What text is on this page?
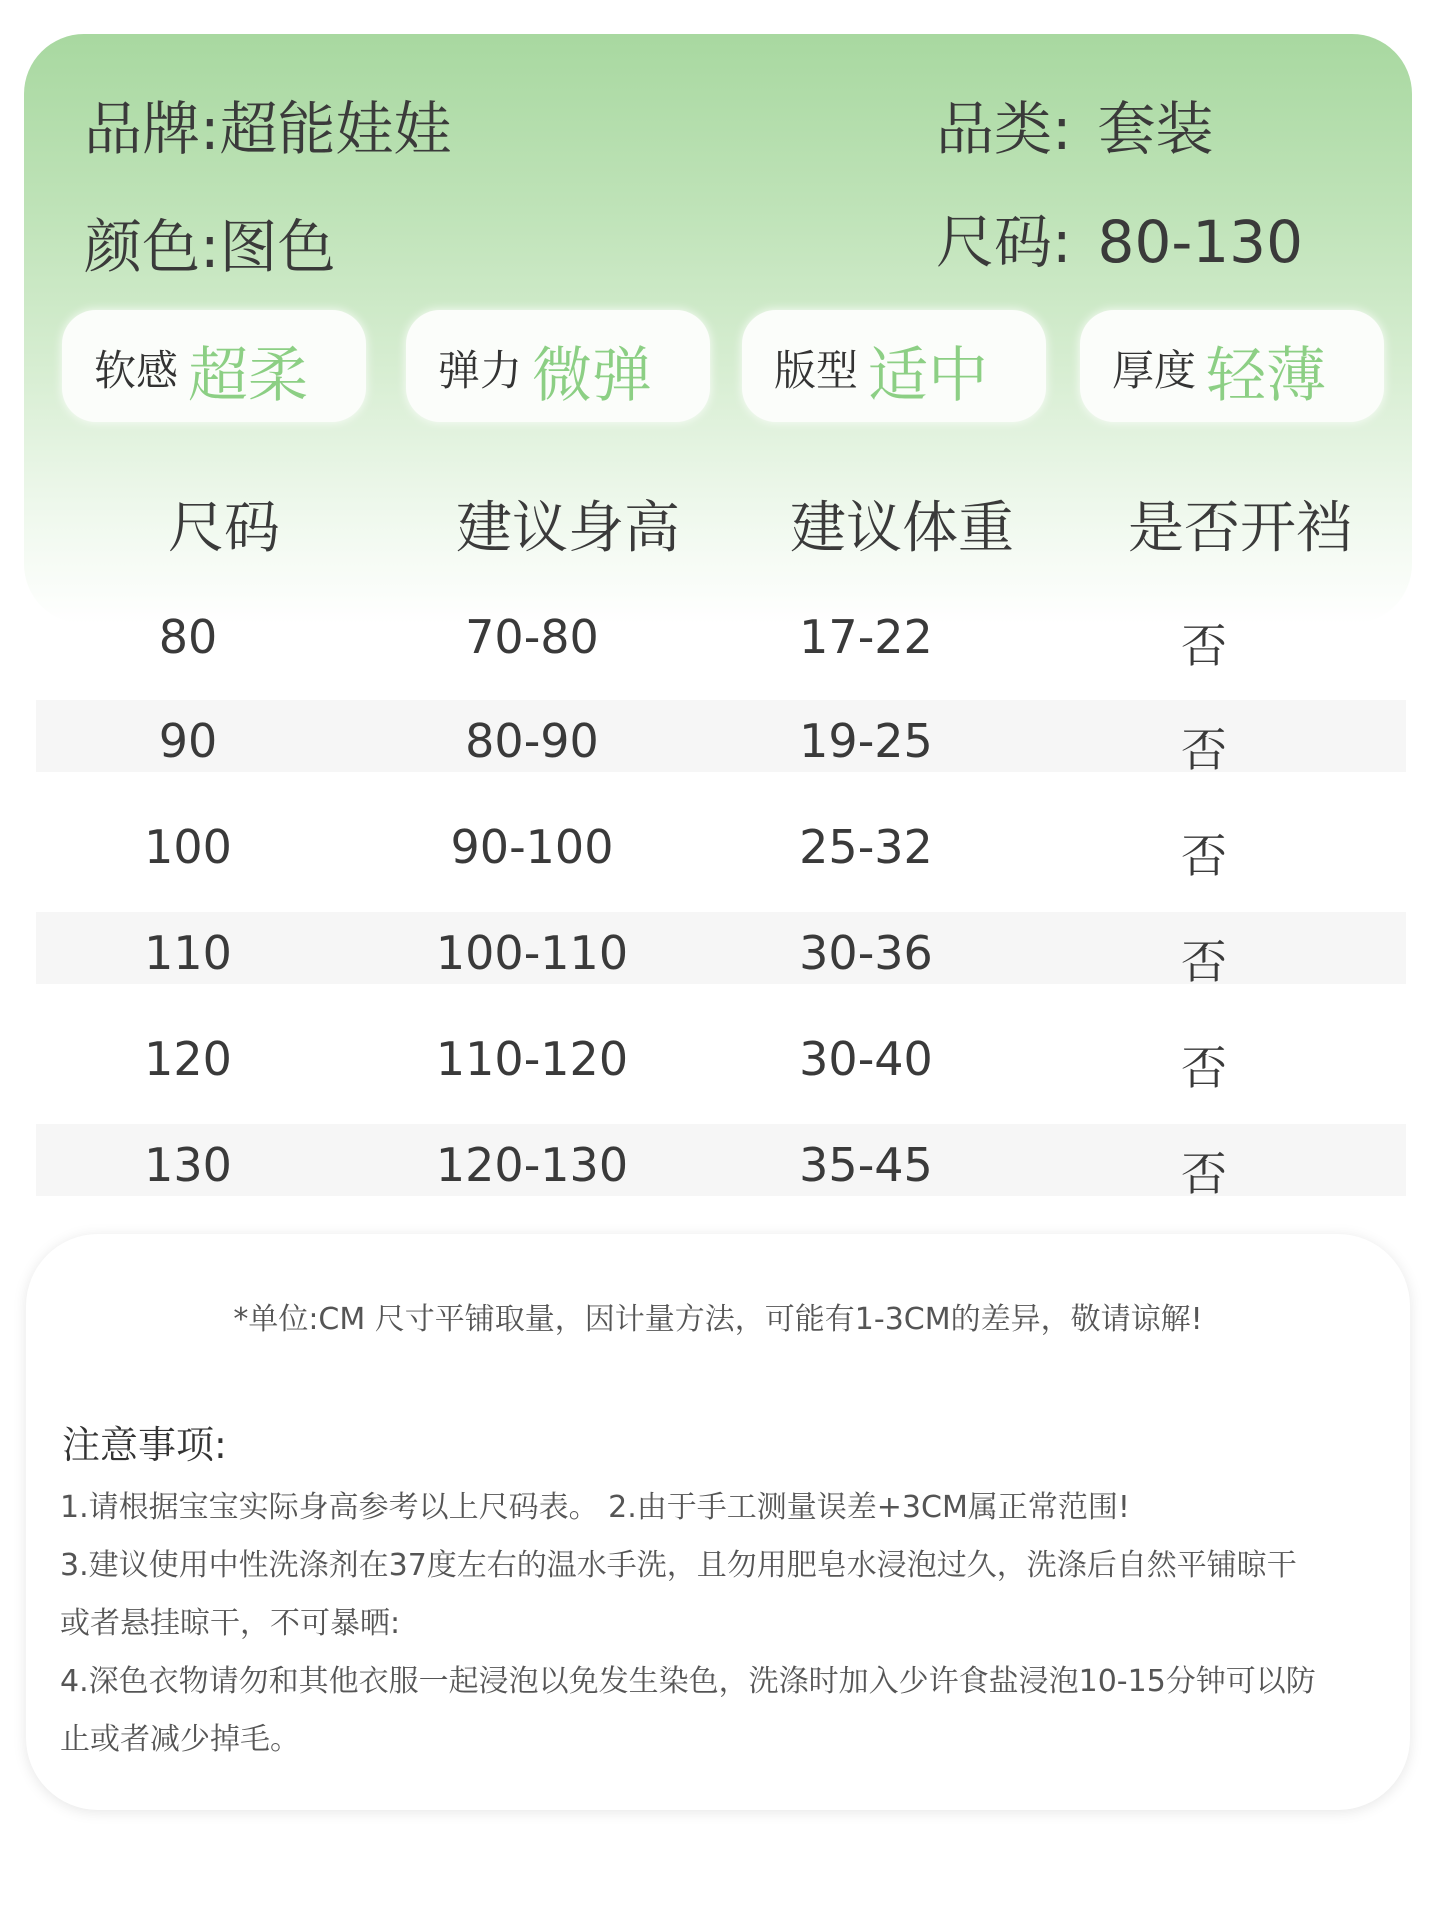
品牌:超能娃娃	品类: 套装
颜色:图色	尺码: 80-130
软感 超柔	弹力 微弹	版型 适中	厚度 轻薄
尺码	建议身高	建议体重	是否开裆
80	70-80	17-22	否
90	80-90	19-25	否
100	90-100	25-32	否
110	100-110	30-36	否
120	110-120	30-40	否
130	120-130	35-45	否
*单位:CM 尺寸平铺取量，因计量方法，可能有1-3CM的差异，敬请谅解!
注意事项:
1.请根据宝宝实际身高参考以上尺码表。 2.由于手工测量误差+3CM属正常范围!
3.建议使用中性洗涤剂在37度左右的温水手洗，且勿用肥皂水浸泡过久，洗涤后自然平铺晾干
或者悬挂晾干，不可暴晒:
4.深色衣物请勿和其他衣服一起浸泡以免发生染色，洗涤时加入少许食盐浸泡10-15分钟可以防
止或者减少掉毛。
